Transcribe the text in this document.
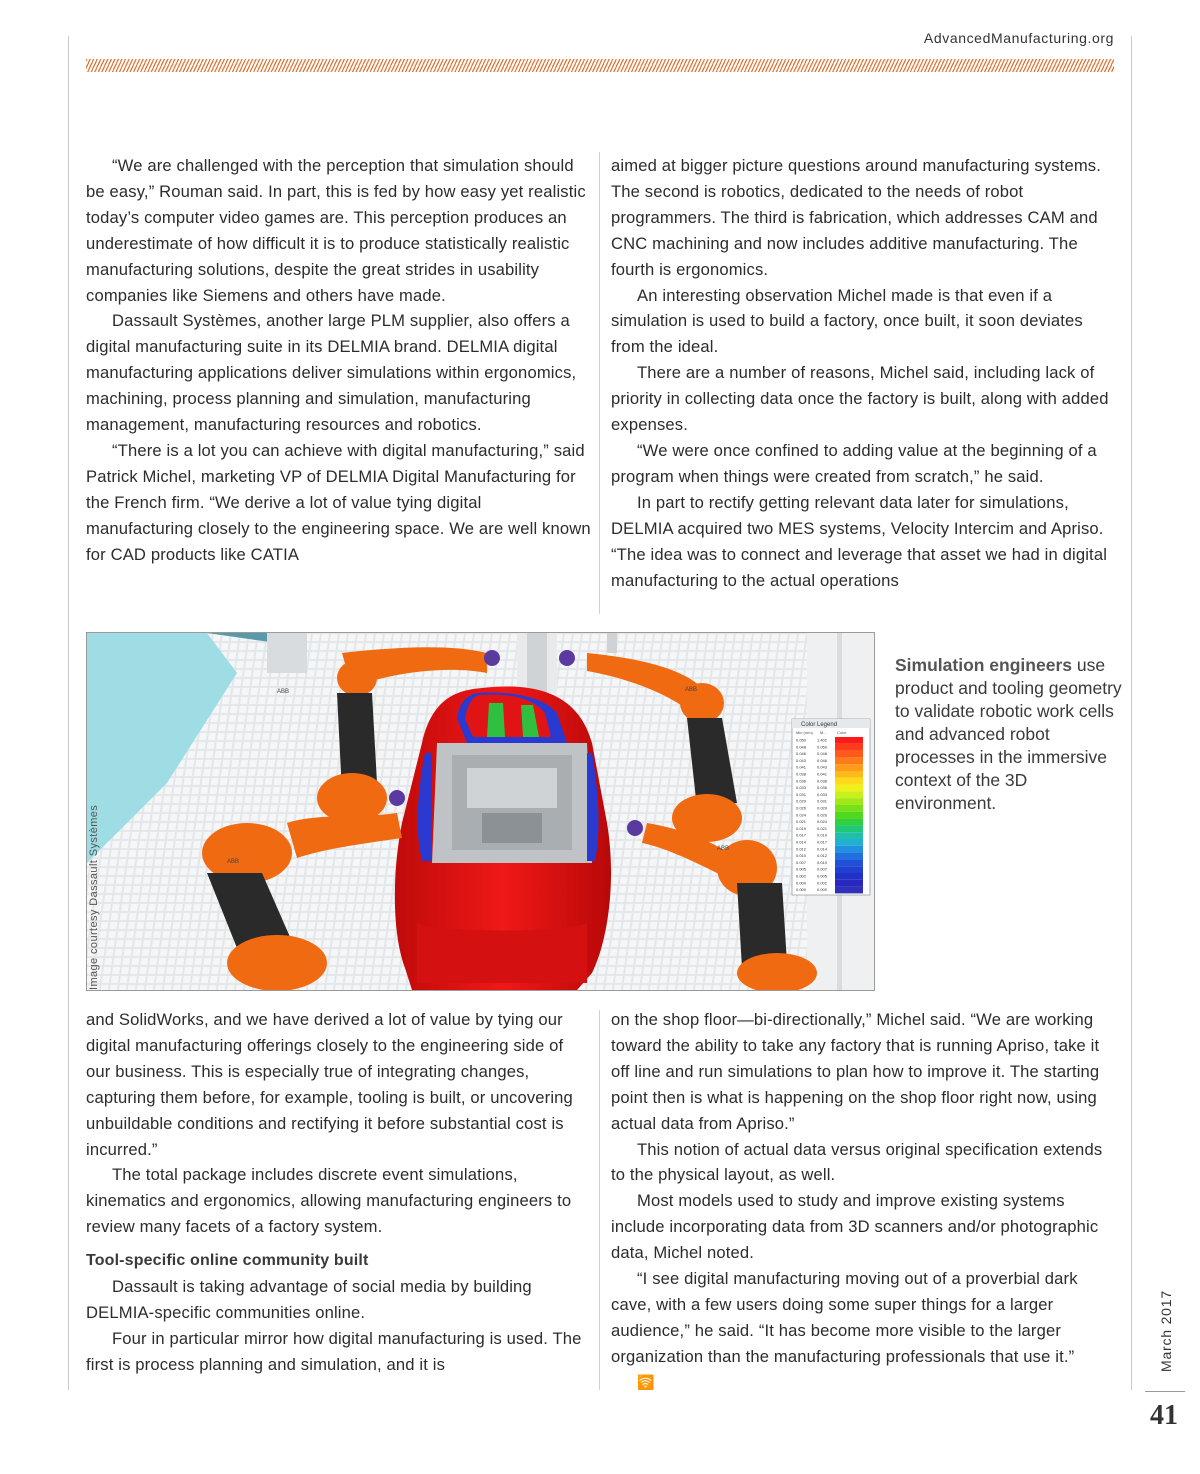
AdvancedManufacturing.org

“We are challenged with the perception that simulation should be easy,” Rouman said. In part, this is fed by how easy yet realistic today’s computer video games are. This perception produces an underestimate of how difficult it is to produce statistically realistic manufacturing solutions, despite the great strides in usability companies like Siemens and others have made.

Dassault Systèmes, another large PLM supplier, also offers a digital manufacturing suite in its DELMIA brand. DELMIA digital manufacturing applications deliver simulations within ergonomics, machining, process planning and simulation, manufacturing management, manufacturing resources and robotics.

“There is a lot you can achieve with digital manufacturing,” said Patrick Michel, marketing VP of DELMIA Digital Manufacturing for the French firm. “We derive a lot of value tying digital manufacturing closely to the engineering space. We are well known for CAD products like CATIA

aimed at bigger picture questions around manufacturing systems. The second is robotics, dedicated to the needs of robot programmers. The third is fabrication, which addresses CAM and CNC machining and now includes additive manufacturing. The fourth is ergonomics.

An interesting observation Michel made is that even if a simulation is used to build a factory, once built, it soon deviates from the ideal.

There are a number of reasons, Michel said, including lack of priority in collecting data once the factory is built, along with added expenses.

“We were once confined to adding value at the beginning of a program when things were created from scratch,” he said.

In part to rectify getting relevant data later for simulations, DELMIA acquired two MES systems, Velocity Intercim and Apriso. “The idea was to connect and leverage that asset we had in digital manufacturing to the actual operations

ABB	ABB
ABB
ABB
Color Legend
Min (mm) M...	Color
0.050	1.402
0.048	0.050
0.046	0.048
0.043	0.046
0.041	0.043
0.038	0.041
0.036	0.038
0.033	0.036
0.031	0.033
0.029	0.031
0.026	0.029
0.024	0.026
0.021	0.024
0.019	0.021
0.017	0.019
0.014	0.017
0.012	0.014
0.010	0.012
0.007	0.010
0.005	0.007
0.002	0.005
0.000	0.002
0.000	0.000
Image courtesy Dassault Systèmes
Simulation engineers use product and tooling geometry to validate robotic work cells and advanced robot processes in the immersive context of the 3D environment.

and SolidWorks, and we have derived a lot of value by tying our digital manufacturing offerings closely to the engineering side of our business. This is especially true of integrating changes, capturing them before, for example, tooling is built, or uncovering unbuildable conditions and rectifying it before substantial cost is incurred.”

The total package includes discrete event simulations, kinematics and ergonomics, allowing manufacturing engineers to review many facets of a factory system.

Tool-specific online community built

Dassault is taking advantage of social media by building DELMIA-specific communities online.

Four in particular mirror how digital manufacturing is used. The first is process planning and simulation, and it is

on the shop floor—bi-directionally,” Michel said. “We are working toward the ability to take any factory that is running Apriso, take it off line and run simulations to plan how to improve it. The starting point then is what is happening on the shop floor right now, using actual data from Apriso.”

This notion of actual data versus original specification extends to the physical layout, as well.

Most models used to study and improve existing systems include incorporating data from 3D scanners and/or photographic data, Michel noted.

“I see digital manufacturing moving out of a proverbial dark cave, with a few users doing some super things for a larger audience,” he said. “It has become more visible to the larger organization than the manufacturing professionals that use it.” 🛜

March 2017
41
